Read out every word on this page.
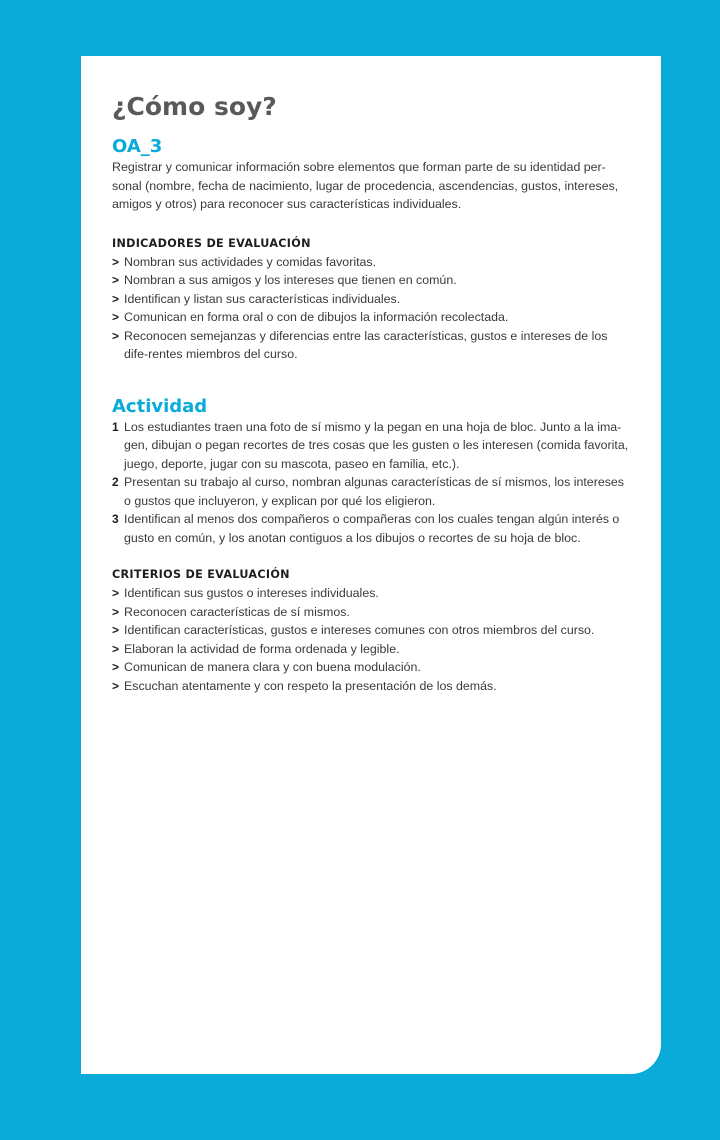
¿Cómo soy?
OA_3

Registrar y comunicar información sobre elementos que forman parte de su identidad per-sonal (nombre, fecha de nacimiento, lugar de procedencia, ascendencias, gustos, intereses, amigos y otros) para reconocer sus características individuales.

INDICADORES DE EVALUACIÓN
> Nombran sus actividades y comidas favoritas.
> Nombran a sus amigos y los intereses que tienen en común.
> Identifican y listan sus características individuales.
> Comunican en forma oral o con de dibujos la información recolectada.
> Reconocen semejanzas y diferencias entre las características, gustos e intereses de los dife-rentes miembros del curso.
Actividad
1 Los estudiantes traen una foto de sí mismo y la pegan en una hoja de bloc. Junto a la ima-gen, dibujan o pegan recortes de tres cosas que les gusten o les interesen (comida favorita, juego, deporte, jugar con su mascota, paseo en familia, etc.).
2 Presentan su trabajo al curso, nombran algunas características de sí mismos, los intereses o gustos que incluyeron, y explican por qué los eligieron.
3 Identifican al menos dos compañeros o compañeras con los cuales tengan algún interés o gusto en común, y los anotan contiguos a los dibujos o recortes de su hoja de bloc.
CRITERIOS DE EVALUACIÓN
> Identifican sus gustos o intereses individuales.
> Reconocen características de sí mismos.
> Identifican características, gustos e intereses comunes con otros miembros del curso.
> Elaboran la actividad de forma ordenada y legible.
> Comunican de manera clara y con buena modulación.
> Escuchan atentamente y con respeto la presentación de los demás.
